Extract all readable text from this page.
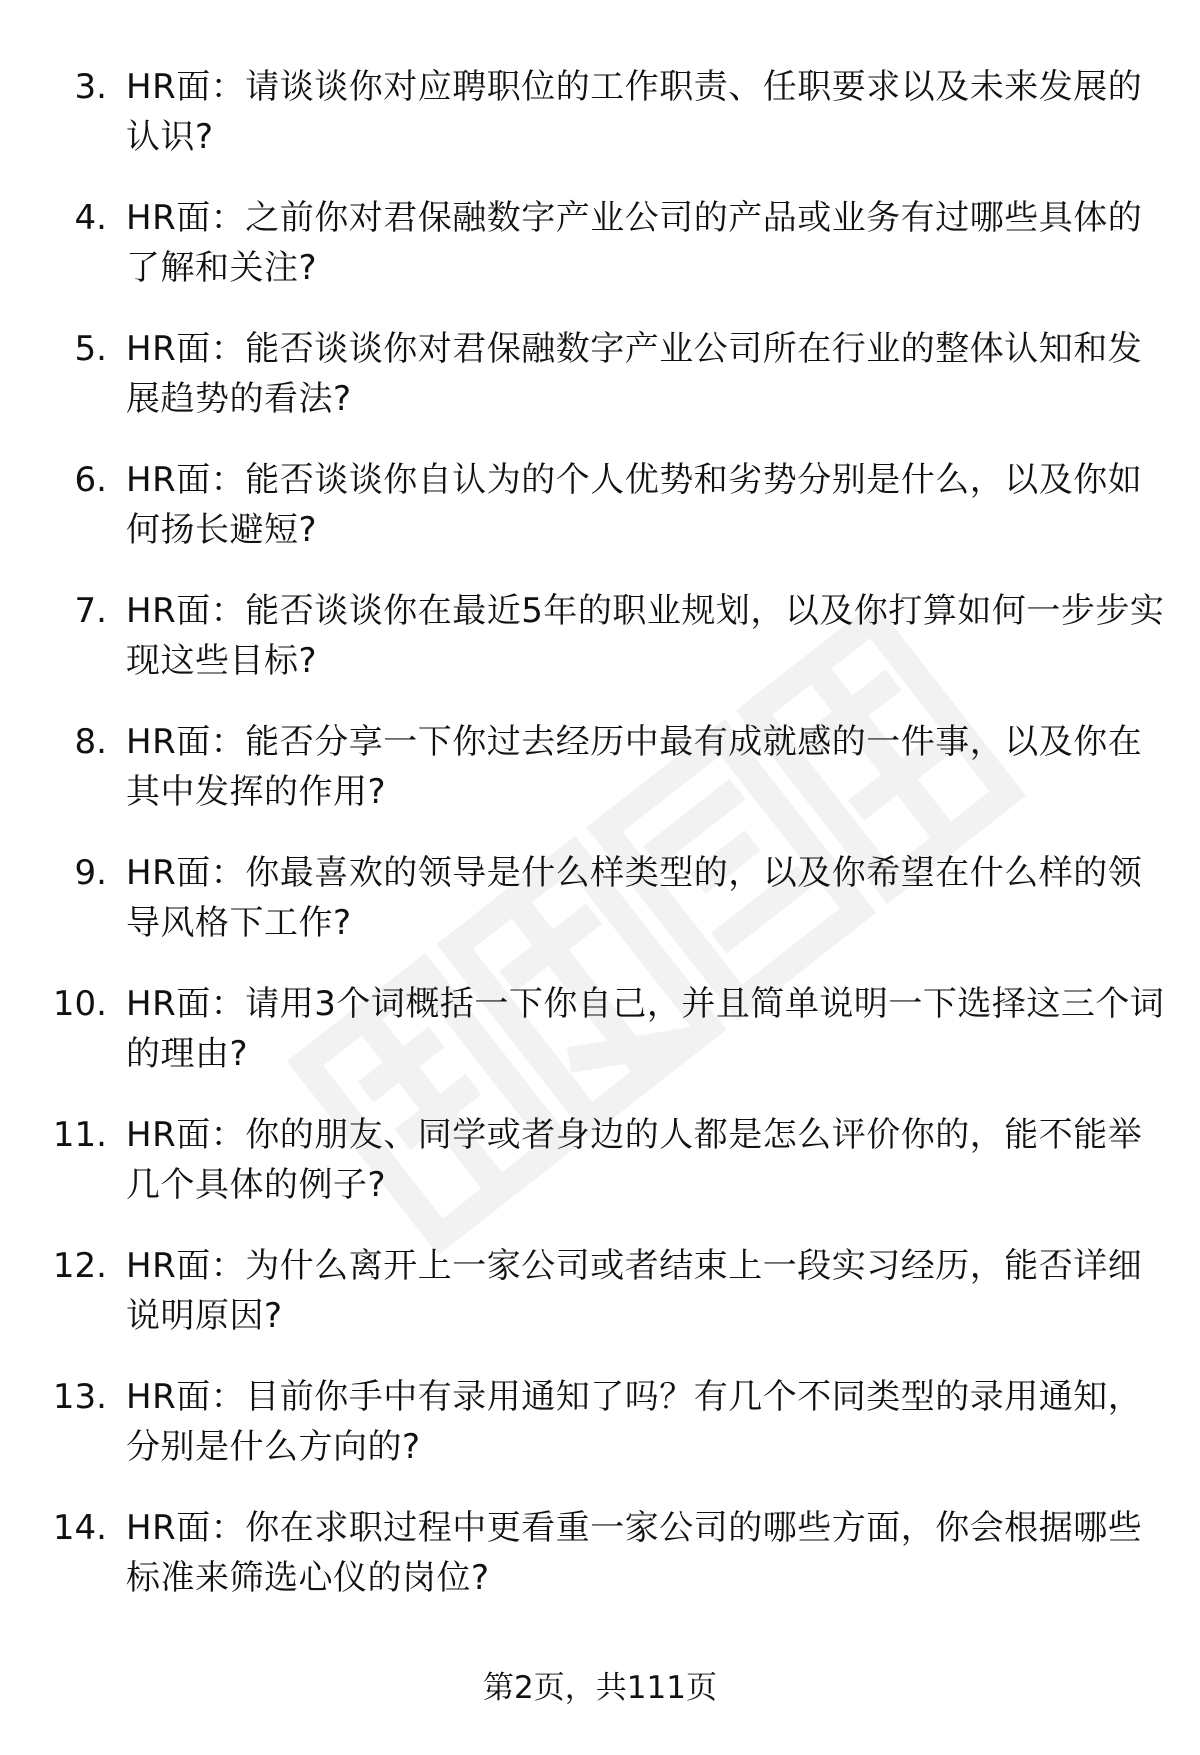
3. HR面：请谈谈你对应聘职位的工作职责、任职要求以及未来发展的认识?
4. HR面：之前你对君保融数字产业公司的产品或业务有过哪些具体的了解和关注?
5. HR面：能否谈谈你对君保融数字产业公司所在行业的整体认知和发展趋势的看法?
6. HR面：能否谈谈你自认为的个人优势和劣势分别是什么，以及你如何扬长避短?
7. HR面：能否谈谈你在最近5年的职业规划，以及你打算如何一步步实现这些目标?
8. HR面：能否分享一下你过去经历中最有成就感的一件事，以及你在其中发挥的作用?
9. HR面：你最喜欢的领导是什么样类型的，以及你希望在什么样的领导风格下工作?
10. HR面：请用3个词概括一下你自己，并且简单说明一下选择这三个词的理由?
11. HR面：你的朋友、同学或者身边的人都是怎么评价你的，能不能举几个具体的例子?
12. HR面：为什么离开上一家公司或者结束上一段实习经历，能否详细说明原因?
13. HR面：目前你手中有录用通知了吗？有几个不同类型的录用通知，分别是什么方向的?
14. HR面：你在求职过程中更看重一家公司的哪些方面，你会根据哪些标准来筛选心仪的岗位?
第2页，共111页
